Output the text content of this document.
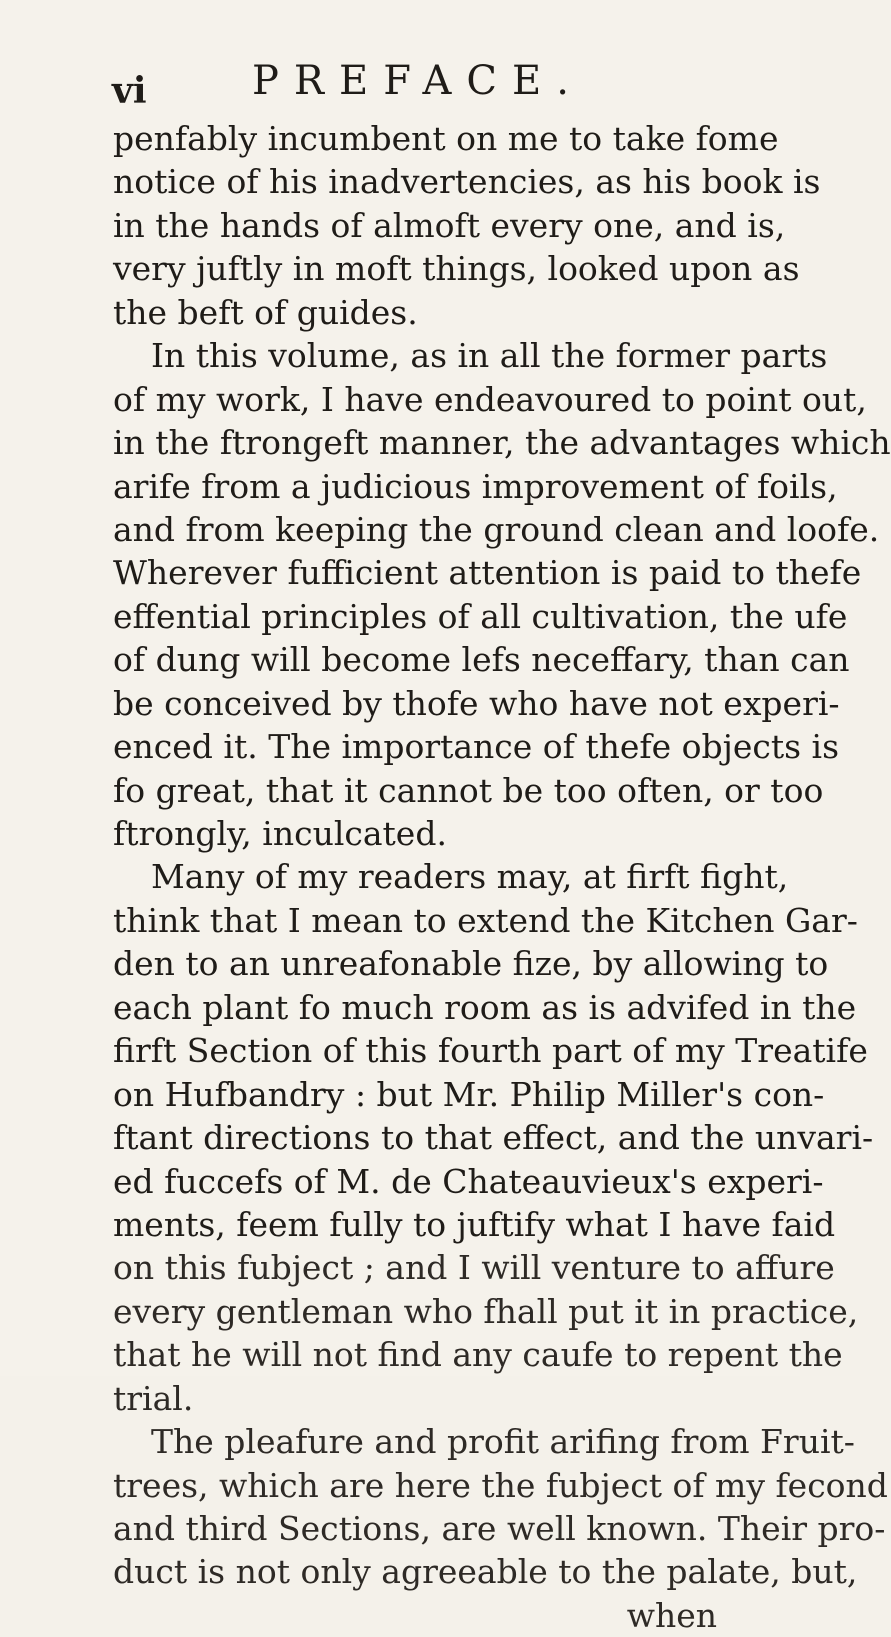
vi	PREFACE.
penfably incumbent on me to take fome
notice of his inadvertencies, as his book is
in the hands of almoft every one, and is,
very juftly in moft things, looked upon as
the beft of guides.
In this volume, as in all the former parts
of my work, I have endeavoured to point out,
in the ftrongeft manner, the advantages which
arife from a judicious improvement of foils,
and from keeping the ground clean and loofe.
Wherever fufficient attention is paid to thefe
effential principles of all cultivation, the ufe
of dung will become lefs neceffary, than can
be conceived by thofe who have not experi-
enced it. The importance of thefe objects is
fo great, that it cannot be too often, or too
ftrongly, inculcated.
Many of my readers may, at firft fight,
think that I mean to extend the Kitchen Gar-
den to an unreafonable fize, by allowing to
each plant fo much room as is advifed in the
firft Section of this fourth part of my Treatife
on Hufbandry : but Mr. Philip Miller's con-
ftant directions to that effect, and the unvari-
ed fuccefs of M. de Chateauvieux's experi-
ments, feem fully to juftify what I have faid
on this fubject ; and I will venture to affure
every gentleman who fhall put it in practice,
that he will not find any caufe to repent the
trial.
The pleafure and profit arifing from Fruit-
trees, which are here the fubject of my fecond
and third Sections, are well known. Their pro-
duct is not only agreeable to the palate, but,
when
